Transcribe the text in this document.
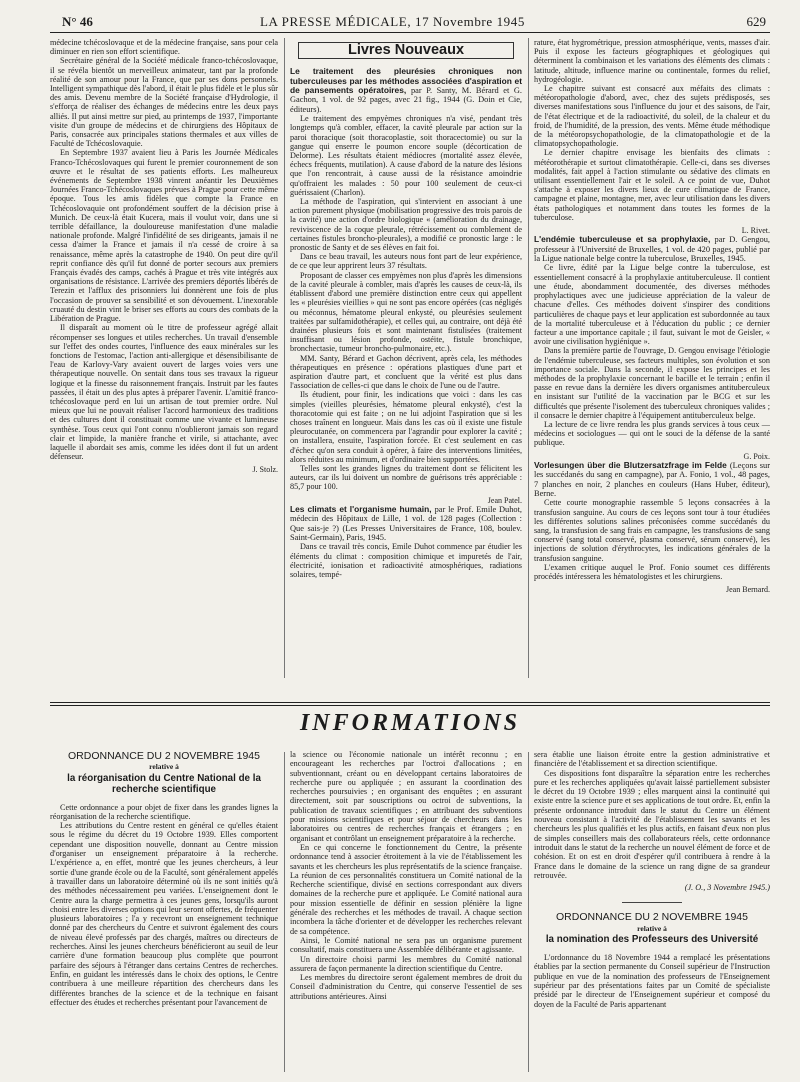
N° 46	LA PRESSE MÉDICALE, 17 Novembre 1945	629

médecine tchécoslovaque et de la médecine française, sans pour cela diminuer en rien son effort scientifique.

Secrétaire général de la Société médicale franco-tchécoslovaque, il se révéla bientôt un merveilleux animateur, tant par la profonde réalité de son amour pour la France, que par ses dons personnels. Intelligent sympathique dès l'abord, il était le plus fidèle et le plus sûr des amis. Devenu membre de la Société française d'Hydrologie, il s'efforça de réaliser des échanges de médecins entre les deux pays alliés. Il put ainsi mettre sur pied, au printemps de 1937, l'importante visite d'un groupe de médecins et de chirurgiens des Hôpitaux de Paris, consacrée aux principales stations thermales et aux villes de Faculté de Tchécoslovaquie.

En Septembre 1937 avaient lieu à Paris les Journée Médicales Franco-Tchécoslovaques qui furent le premier couronnement de son œuvre et le résultat de ses patients efforts. Les malheureux événements de Septembre 1938 vinrent anéantir les Deuxièmes Journées Franco-Tchécoslovaques prévues à Prague pour cette même époque. Tous les amis fidèles que compte la France en Tchécoslovaquie ont profondément souffert de la décision prise à Munich. De ceux-là était Kucera, mais il voulut voir, dans une si terrible défaillance, la douloureuse manifestation d'une maladie nationale profonde. Malgré l'infidélité de ses dirigeants, jamais il ne cessa d'aimer la France et jamais il n'a cessé de croire à sa renaissance, même après la catastrophe de 1940. On peut dire qu'il reprit confiance dès qu'il fut donné de porter secours aux premiers Français évadés des camps, cachés à Prague et très vite intégrés aux organisations de résistance. L'arrivée des premiers déportés libérés de Terezin et l'afflux des prisonniers lui donnèrent une fois de plus l'occasion de prouver sa sensibilité et son dévouement. L'inexorable cruauté du destin vint le briser ses efforts au cours des combats de la Libération de Prague.

Il disparaît au moment où le titre de professeur agrégé allait récompenser ses longues et utiles recherches. Un travail d'ensemble sur l'effet des ondes courtes, l'influence des eaux minérales sur les fonctions de l'estomac, l'action anti-allergique et désensibilisante de l'eau de Karlovy-Vary avaient ouvert de larges voies vers une thérapeutique nouvelle. On sentait dans tous ses travaux la rigueur logique et la finesse du raisonnement français. Instruit par les fautes passées, il était un des plus aptes à préparer l'avenir. L'amitié franco-tchécoslovaque perd en lui un artisan de tout premier ordre. Nul mieux que lui ne pouvait réaliser l'accord harmonieux des traditions et des cultures dont il constituait comme une vivante et lumineuse synthèse. Tous ceux qui l'ont connu n'oublieront jamais son regard clair et limpide, la manière franche et virile, si attachante, avec laquelle il abordait ses amis, comme les idées dont il fut un ardent défenseur.

J. Stolz.
Livres Nouveaux

Le traitement des pleurésies chroniques non tuberculeuses par les méthodes associées d'aspiration et de pansements opératoires, par P. Santy, M. Bérard et G. Gachon, 1 vol. de 92 pages, avec 21 fig., 1944 (G. Doin et Cie, éditeurs).

Le traitement des empyèmes chroniques n'a visé, pendant très longtemps qu'à combler, effacer, la cavité pleurale par action sur la paroi thoracique (soit thoracoplastie, soit thoracectomie) ou sur la gangue qui enserre le poumon encore souple (décortication de Delorme). Les résultats étaient médiocres (mortalité assez élevée, échecs fréquents, mutilation). A cause d'abord de la nature des lésions que l'on rencontrait, à cause aussi de la résistance amoindrie qu'offraient les malades : 50 pour 100 seulement de ceux-ci guérissaient (Charlon).

La méthode de l'aspiration, qui s'intervient en associant à une action purement physique (mobilisation progressive des trois parois de la cavité) une action d'ordre biologique « (amélioration du drainage, reviviscence de la coque pleurale, rétrécissement ou comblement de certaines fistules broncho-pleurales), a modifié ce pronostic large : le pronostic de Santy et de ses élèves en fait foi.

Dans ce beau travail, les auteurs nous font part de leur expérience, de ce que leur apprirent leurs 37 résultats.

Proposant de classer ces empyèmes non plus d'après les dimensions de la cavité pleurale à combler, mais d'après les causes de ceux-là, ils établissent d'abord une première distinction entre ceux qui appellent les « pleurésies vieillies » qui ne sont pas encore opérées (cas négligés ou méconnus, hématome pleural enkysté, ou pleurésies seulement traitées par sulfamidothérapie), et celles qui, au contraire, ont déjà été drainées plusieurs fois et sont maintenant fistulisées (traitement insuffisant ou lésion profonde, ostéite, fistule bronchique, bronchectasie, tumeur broncho-pulmonaire, etc.).

MM. Santy, Bérard et Gachon décrivent, après cela, les méthodes thérapeutiques en présence : opérations plastiques d'une part et aspiration d'autre part, et concluent que la vérité est plus dans l'association de celles-ci que dans le choix de l'une ou de l'autre.

Ils étudient, pour finir, les indications que voici : dans les cas simples (vieilles pleurésies, hématome pleural enkysté), c'est la thoracotomie qui est faite ; on ne lui adjoint l'aspiration que si les choses traînent en longueur. Mais dans les cas où il existe une fistule pleurocutanée, on commencera par l'agrandir pour explorer la cavité ; on installera, ensuite, l'aspiration forcée. Et c'est seulement en cas d'échec qu'on sera conduit à opérer, à faire des interventions limitées, alors réduites au minimum, et d'ordinaire bien supportées.

Telles sont les grandes lignes du traitement dont se félicitent les auteurs, car ils lui doivent un nombre de guérisons très appréciable : 85,7 pour 100.

Jean Patel.

Les climats et l'organisme humain, par le Prof. Emile Duhot, médecin des Hôpitaux de Lille, 1 vol. de 128 pages (Collection : Que sais-je ?) (Les Presses Universitaires de France, 108, boulev. Saint-Germain), Paris, 1945.

Dans ce travail très concis, Emile Duhot commence par étudier les éléments du climat : composition chimique et impuretés de l'air, électricité, ionisation et radioactivité atmosphériques, radiations solaires, tempé-

rature, état hygrométrique, pression atmosphérique, vents, masses d'air. Puis il expose les facteurs géographiques et géologiques qui déterminent la combinaison et les variations des éléments des climats : latitude, altitude, influence marine ou continentale, formes du relief, hydrogéologie.

Le chapitre suivant est consacré aux méfaits des climats : météoropathologie d'abord, avec, chez des sujets prédisposés, ses diverses manifestations sous l'influence du jour et des saisons, de l'air, de l'état électrique et de la radioactivité, du soleil, de la chaleur et du froid, de l'humidité, de la pression, des vents. Même étude méthodique de la météoropsychopathologie, de la climatopathologie et de la climatopsychopathologie.

Le dernier chapitre envisage les bienfaits des climats : météorothérapie et surtout climatothérapie. Celle-ci, dans ses diverses modalités, fait appel à l'action stimulante ou sédative des climats en utilisant essentiellement l'air et le soleil. A ce point de vue, Duhot s'attache à exposer les divers lieux de cure climatique de France, campagne et plaine, montagne, mer, avec leur utilisation dans les divers états pathologiques et notamment dans toutes les formes de la tuberculose.

L. Rivet.

L'endémie tuberculeuse et sa prophylaxie, par D. Gengou, professeur à l'Université de Bruxelles, 1 vol. de 420 pages, publié par la Ligue nationale belge contre la tuberculose, Bruxelles, 1945.

Ce livre, édité par la Ligue belge contre la tuberculose, est essentiellement consacré à la prophylaxie antituberculeuse. Il contient une étude, abondamment documentée, des diverses méthodes prophylactiques avec une judicieuse appréciation de la valeur de chacune d'elles. Ces méthodes doivent s'inspirer des conditions particulières de chaque pays et leur application est subordonnée au taux de la mortalité tuberculeuse et à l'éducation du public ; ce dernier facteur a une importance capitale ; il faut, suivant le mot de Geisler, « avoir une civilisation hygiénique ».

Dans la première partie de l'ouvrage, D. Gengou envisage l'étiologie de l'endémie tuberculeuse, ses facteurs multiples, son évolution et son importance sociale. Dans la seconde, il expose les principes et les méthodes de la prophylaxie concernant le bacille et le terrain ; enfin il passe en revue dans la dernière les divers organismes antituberculeux en insistant sur l'utilité de la vaccination par le BCG et sur les difficultés que présente l'isolement des tuberculeux chroniques valides ; il consacre le dernier chapitre à l'équipement antituberculeux belge.

La lecture de ce livre rendra les plus grands services à tous ceux — médecins et sociologues — qui ont le souci de la défense de la santé publique.

G. Poix.

Vorlesungen über die Blutzersatzfrage im Felde (Leçons sur les succédanés du sang en campagne), par A. Fonio, 1 vol., 48 pages, 7 planches en noir, 2 planches en couleurs (Hans Huber, éditeur), Berne.

Cette courte monographie rassemble 5 leçons consacrées à la transfusion sanguine. Au cours de ces leçons sont tour à tour étudiées les différentes solutions salines préconisées comme succédanés du sang, la transfusion de sang frais en campagne, les transfusions de sang conservé (sang total conservé, plasma conservé, sérum conservé), les injections de solution d'érythrocytes, les indications générales de la transfusion sanguine.

L'examen critique auquel le Prof. Fonio soumet ces différents procédés intéressera les hématologistes et les chirurgiens.

Jean Bernard.
INFORMATIONS
ORDONNANCE DU 2 NOVEMBRE 1945
relative à
la réorganisation du Centre National de la recherche scientifique

Cette ordonnance a pour objet de fixer dans les grandes lignes la réorganisation de la recherche scientifique.

Les attributions du Centre restent en général ce qu'elles étaient sous le régime du décret du 19 Octobre 1939. Elles comportent cependant une disposition nouvelle, donnant au Centre mission d'organiser un enseignement préparatoire à la recherche. L'expérience a, en effet, montré que les jeunes chercheurs, à leur sortie d'une grande école ou de la Faculté, sont généralement appelés à travailler dans un laboratoire déterminé où ils ne sont initiés qu'à des méthodes nécessairement peu variées. L'enseignement dont le Centre aura la charge permettra à ces jeunes gens, lorsqu'ils auront choisi entre les diverses options qui leur seront offertes, de fréquenter plusieurs laboratoires ; l'a y recevront un enseignement technique donné par des chercheurs du Centre et suivront également des cours de niveau élevé professés par des chargés, maîtres ou directeurs de recherches. Ainsi les jeunes chercheurs bénéficieront au seuil de leur carrière d'une formation beaucoup plus complète que pourront parfaire des séjours à l'étranger dans certains Centres de recherches. Enfin, en guidant les intéressés dans le choix des options, le Centre contribuera à une meilleure répartition des chercheurs dans les différentes branches de la science et de la technique en faisant effectuer des études et recherches présentant pour l'avancement de

la science ou l'économie nationale un intérêt reconnu ; en encourageant les recherches par l'octroi d'allocations ; en subventionnant, créant ou en développant certains laboratoires de recherche pure ou appliquée ; en assurant la coordination des recherches poursuivies ; en organisant des enquêtes ; en assurant directement, soit par souscriptions ou octroi de subventions, la publication de travaux scientifiques ; en attribuant des subventions pour missions scientifiques et pour séjour de chercheurs dans les laboratoires ou centres de recherches français et étrangers ; en organisant et contrôlant un enseignement préparatoire à la recherche.

En ce qui concerne le fonctionnement du Centre, la présente ordonnance tend à associer étroitement à la vie de l'établissement les savants et les chercheurs les plus représentatifs de la science française. La réunion de ces personnalités constituera un Comité national de la Recherche scientifique, divisé en sections correspondant aux divers domaines de la recherche pure et appliquée. Le Comité national aura pour mission essentielle de définir en session plénière la ligne générale des recherches et les méthodes de travail. A chaque section incombera la tâche d'orienter et de développer les recherches relevant de sa compétence.

Ainsi, le Comité national ne sera pas un organisme purement consultatif, mais constituera une Assemblée délibérante et agissante.

Un directoire choisi parmi les membres du Comité national assurera de façon permanente la direction scientifique du Centre.

Les membres du directoire seront également membres de droit du Conseil d'administration du Centre, qui conserve l'essentiel de ses attributions antérieures. Ainsi

sera établie une liaison étroite entre la gestion administrative et financière de l'établissement et sa direction scientifique.

Ces dispositions font disparaître la séparation entre les recherches pure et les recherches appliquées qu'avait laissé partiellement subsister le décret du 19 Octobre 1939 ; elles marquent ainsi la continuité qui existe entre la science pure et ses applications de tout ordre. Et, enfin la présente ordonnance introduit dans le statut du Centre un élément nouveau consistant à l'activité de l'établissement les savants et les chercheurs les plus qualifiés et les plus actifs, en faisant d'eux non plus de simples conseillers mais des collaborateurs réels, cette ordonnance introduit dans le statut de la recherche un nouvel élément de force et de cohésion. Et on est en droit d'espérer qu'il contribuera à rendre à la France dans le domaine de la science un rang digne de sa grandeur retrouvée.

(J. O., 3 Novembre 1945.)
ORDONNANCE DU 2 NOVEMBRE 1945
relative à
la nomination des Professeurs des Université

L'ordonnance du 18 Novembre 1944 a remplacé les présentations établies par la section permanente du Conseil supérieur de l'Instruction publique en vue de la nomination des professeurs de l'Enseignement supérieur par des présentations faites par un Comité de spécialiste présidé par le directeur de l'Enseignement supérieur et composé du doyen de la Faculté de Paris appartenant
